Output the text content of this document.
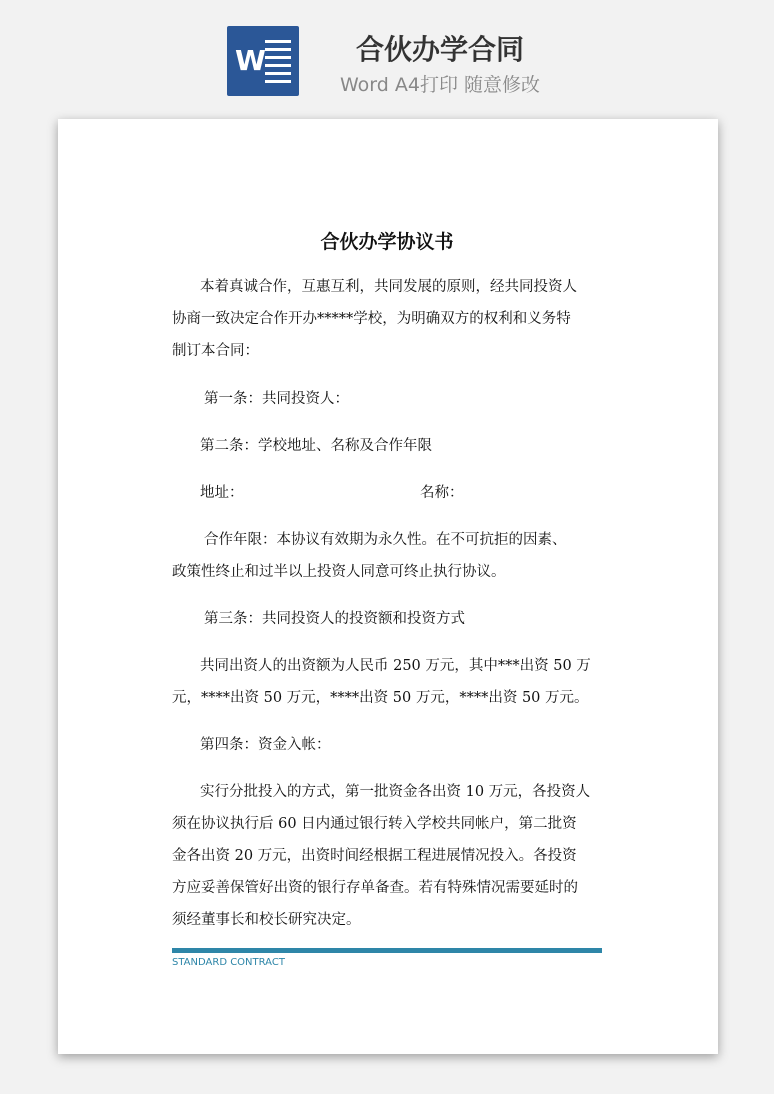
W	合伙办学合同
Word A4打印 随意修改
合伙办学协议书
本着真诚合作，互惠互利，共同发展的原则，经共同投资人
协商一致决定合作开办*****学校，为明确双方的权利和义务特
制订本合同：
第一条：共同投资人：
第二条：学校地址、名称及合作年限
地址：	名称：
合作年限：本协议有效期为永久性。在不可抗拒的因素、
政策性终止和过半以上投资人同意可终止执行协议。
第三条：共同投资人的投资额和投资方式
共同出资人的出资额为人民币 250 万元，其中***出资 50 万
元，****出资 50 万元，****出资 50 万元，****出资 50 万元。
第四条：资金入帐：
实行分批投入的方式，第一批资金各出资 10 万元，各投资人
须在协议执行后 60 日内通过银行转入学校共同帐户，第二批资
金各出资 20 万元，出资时间经根据工程进展情况投入。各投资
方应妥善保管好出资的银行存单备查。若有特殊情况需要延时的
须经董事长和校长研究决定。
STANDARD CONTRACT
